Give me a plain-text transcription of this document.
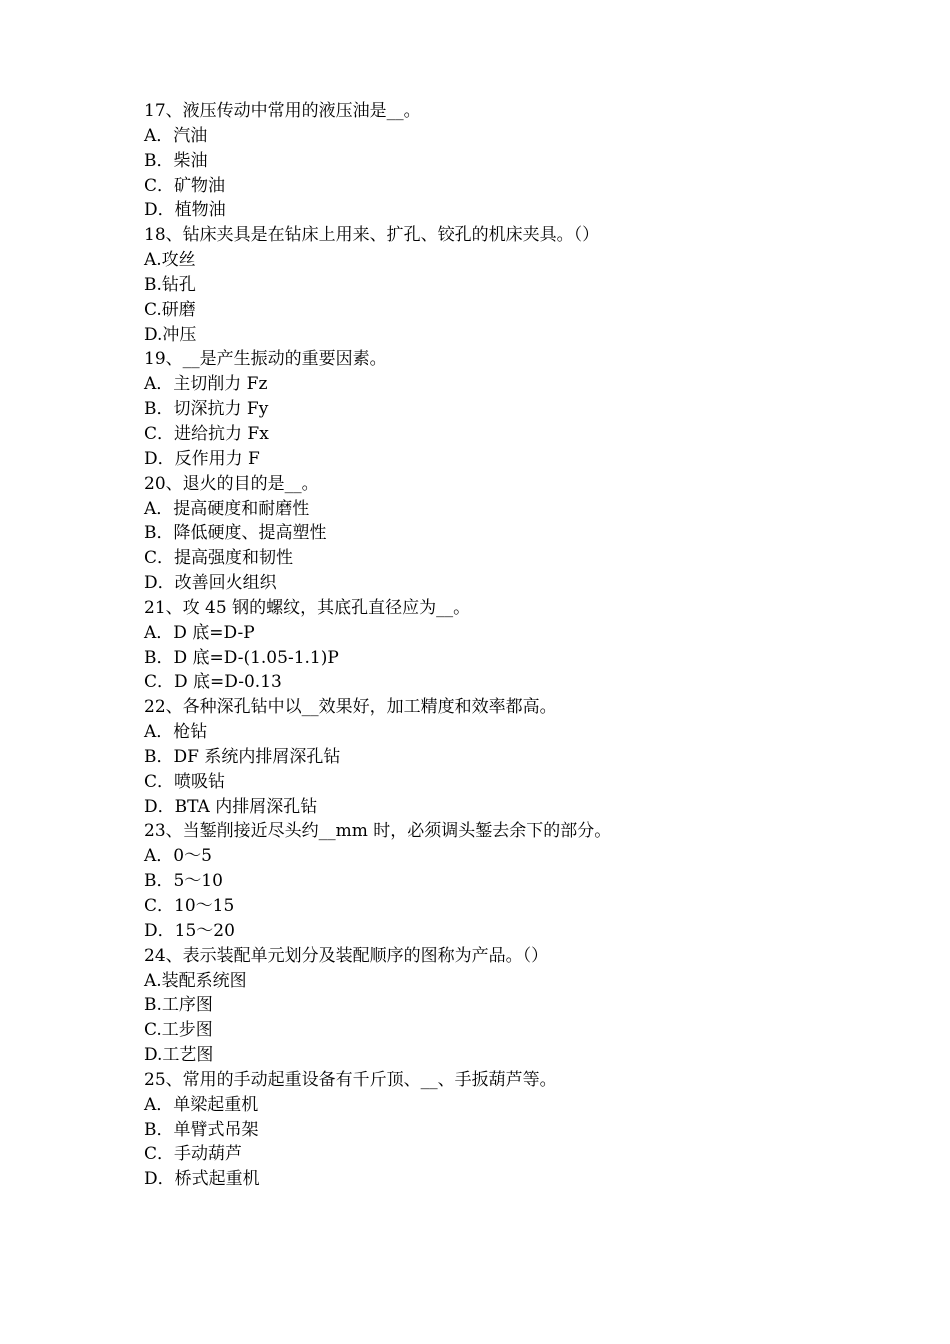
17、液压传动中常用的液压油是__。
A．汽油
B．柴油
C．矿物油
D．植物油
18、钻床夹具是在钻床上用来、扩孔、铰孔的机床夹具。（）
A.攻丝
B.钻孔
C.研磨
D.冲压
19、__是产生振动的重要因素。
A．主切削力 Fz
B．切深抗力 Fy
C．进给抗力 Fx
D．反作用力 F
20、退火的目的是__。
A．提高硬度和耐磨性
B．降低硬度、提高塑性
C．提高强度和韧性
D．改善回火组织
21、攻 45 钢的螺纹，其底孔直径应为__。
A．D 底=D-P
B．D 底=D-(1.05-1.1)P
C．D 底=D-0.13
22、各种深孔钻中以__效果好，加工精度和效率都高。
A．枪钻
B．DF 系统内排屑深孔钻
C．喷吸钻
D．BTA 内排屑深孔钻
23、当錾削接近尽头约__mm 时，必须调头錾去余下的部分。
A．0～5
B．5～10
C．10～15
D．15～20
24、表示装配单元划分及装配顺序的图称为产品。（）
A.装配系统图
B.工序图
C.工步图
D.工艺图
25、常用的手动起重设备有千斤顶、__、手扳葫芦等。
A．单梁起重机
B．单臂式吊架
C．手动葫芦
D．桥式起重机
